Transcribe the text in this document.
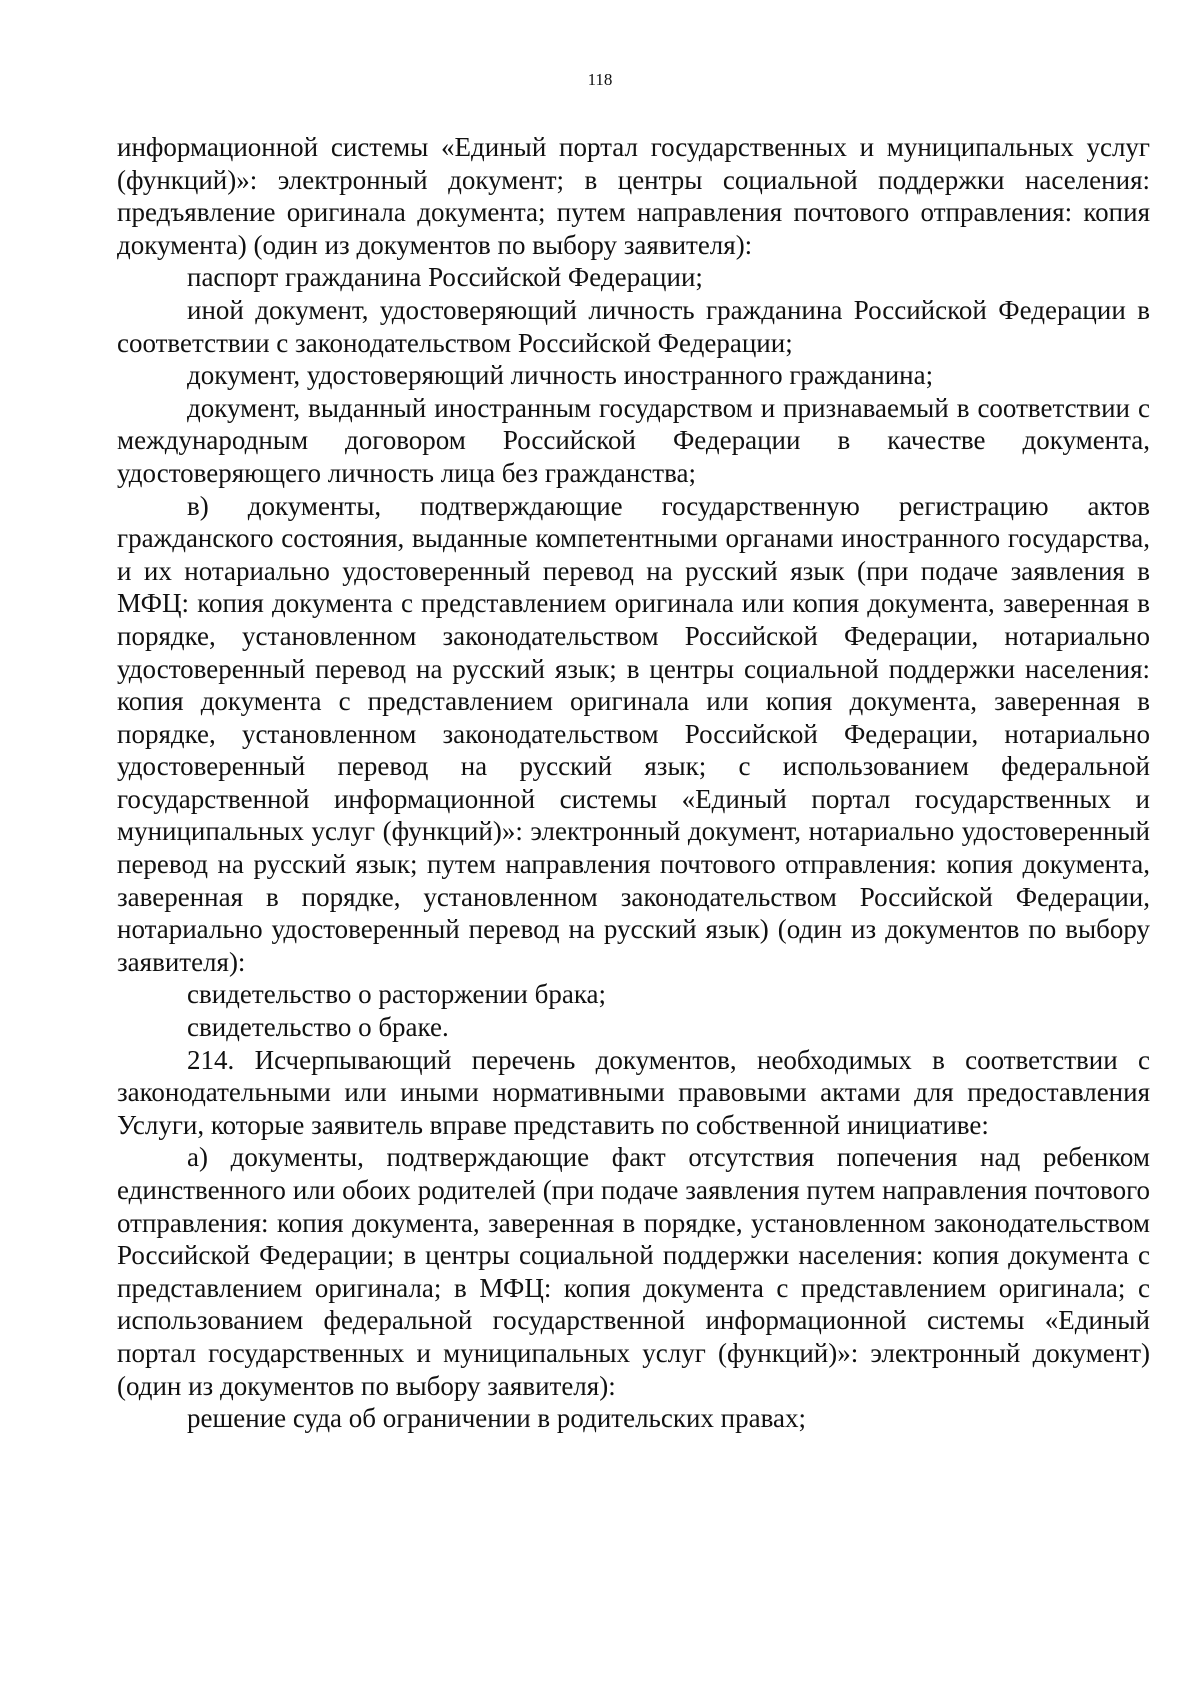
118

информационной системы «Единый портал государственных и муниципальных услуг (функций)»: электронный документ; в центры социальной поддержки населения: предъявление оригинала документа; путем направления почтового отправления: копия документа) (один из документов по выбору заявителя):

паспорт гражданина Российской Федерации;

иной документ, удостоверяющий личность гражданина Российской Федерации в соответствии с законодательством Российской Федерации;

документ, удостоверяющий личность иностранного гражданина;

документ, выданный иностранным государством и признаваемый в соответствии с международным договором Российской Федерации в качестве документа, удостоверяющего личность лица без гражданства;

в) документы, подтверждающие государственную регистрацию актов гражданского состояния, выданные компетентными органами иностранного государства, и их нотариально удостоверенный перевод на русский язык (при подаче заявления в МФЦ: копия документа с представлением оригинала или копия документа, заверенная в порядке, установленном законодательством Российской Федерации, нотариально удостоверенный перевод на русский язык; в центры социальной поддержки населения: копия документа с представлением оригинала или копия документа, заверенная в порядке, установленном законодательством Российской Федерации, нотариально удостоверенный перевод на русский язык; с использованием федеральной государственной информационной системы «Единый портал государственных и муниципальных услуг (функций)»: электронный документ, нотариально удостоверенный перевод на русский язык; путем направления почтового отправления: копия документа, заверенная в порядке, установленном законодательством Российской Федерации, нотариально удостоверенный перевод на русский язык) (один из документов по выбору заявителя):

свидетельство о расторжении брака;

свидетельство о браке.

214. Исчерпывающий перечень документов, необходимых в соответствии с законодательными или иными нормативными правовыми актами для предоставления Услуги, которые заявитель вправе представить по собственной инициативе:

а) документы, подтверждающие факт отсутствия попечения над ребенком единственного или обоих родителей (при подаче заявления путем направления почтового отправления: копия документа, заверенная в порядке, установленном законодательством Российской Федерации; в центры социальной поддержки населения: копия документа с представлением оригинала; в МФЦ: копия документа с представлением оригинала; с использованием федеральной государственной информационной системы «Единый портал государственных и муниципальных услуг (функций)»: электронный документ) (один из документов по выбору заявителя):

решение суда об ограничении в родительских правах;
